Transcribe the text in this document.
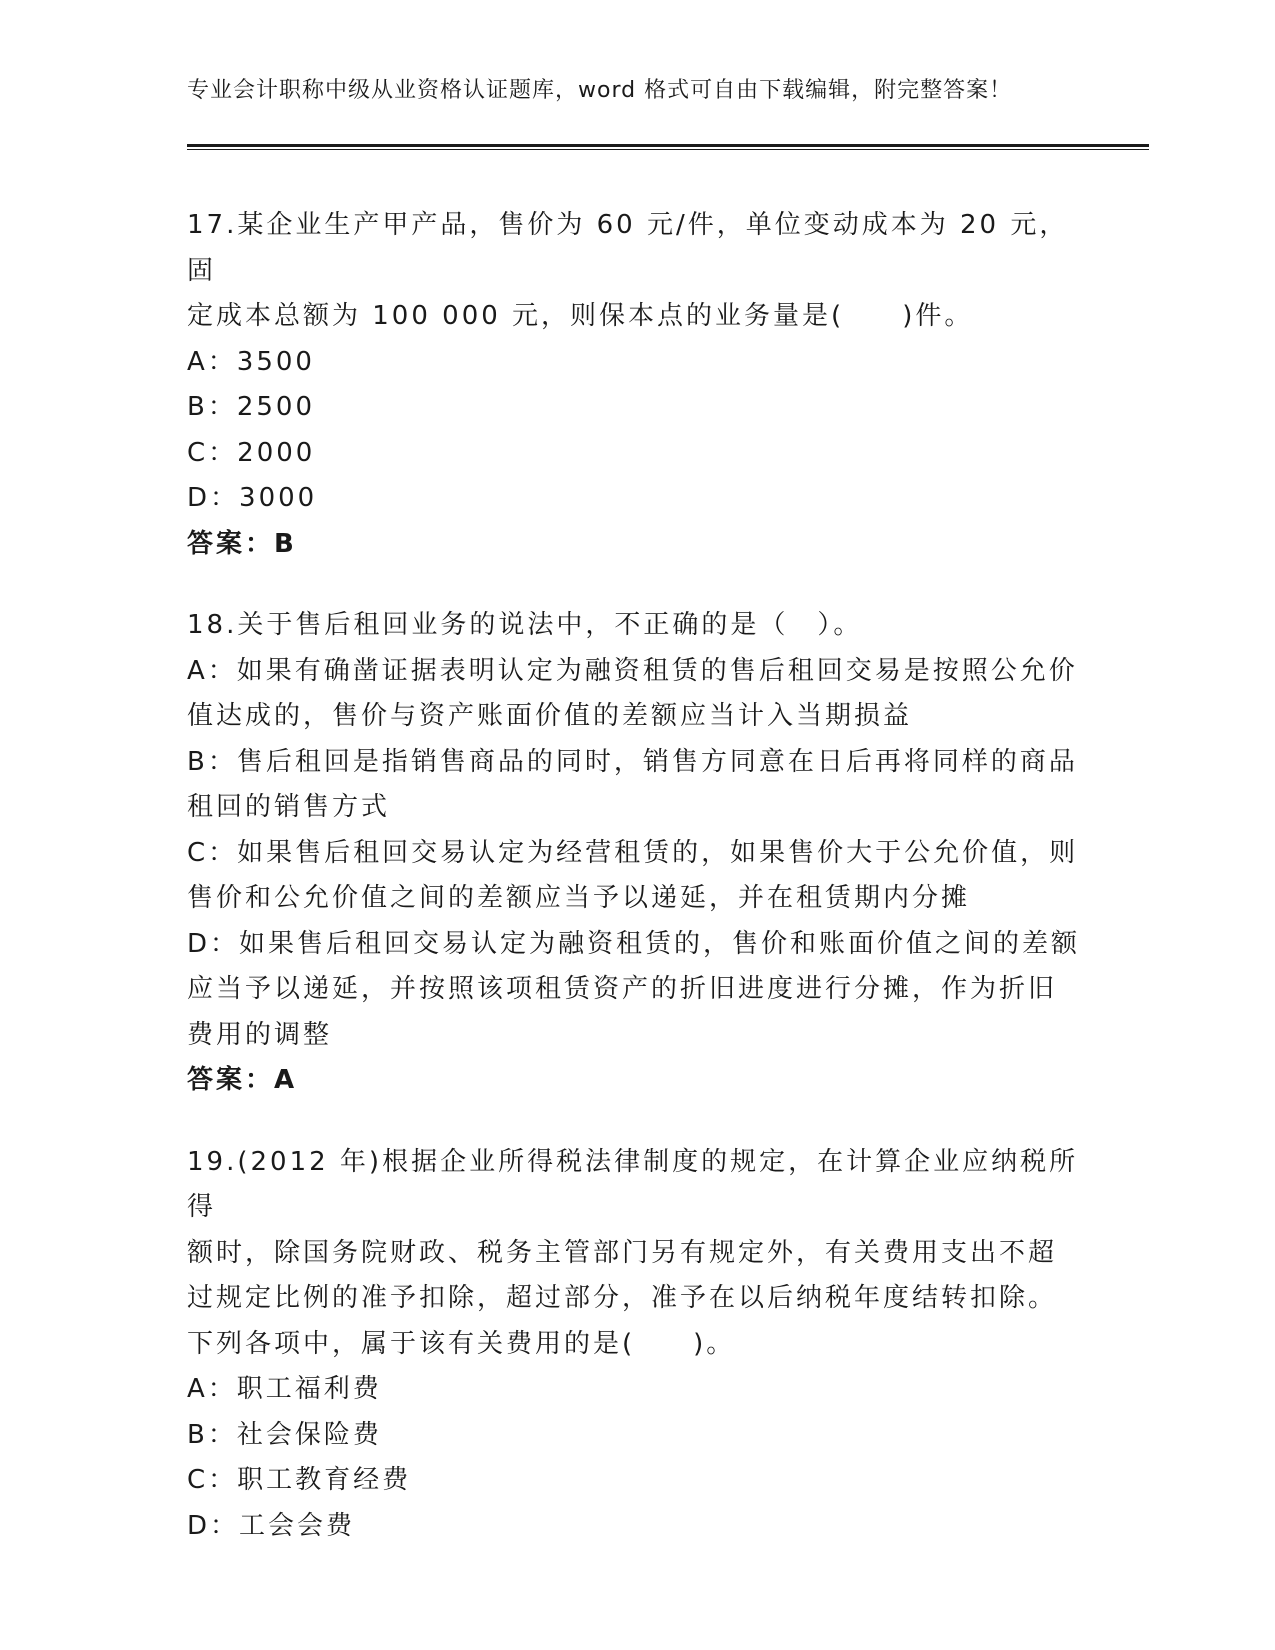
专业会计职称中级从业资格认证题库，word 格式可自由下载编辑，附完整答案！

17.某企业生产甲产品，售价为 60 元/件，单位变动成本为 20 元，固

定成本总额为 100 000 元，则保本点的业务量是(　　)件。

A：3500

B：2500

C：2000

D：3000

答案：B

18.关于售后租回业务的说法中，不正确的是（　）。

A：如果有确凿证据表明认定为融资租赁的售后租回交易是按照公允价

值达成的，售价与资产账面价值的差额应当计入当期损益

B：售后租回是指销售商品的同时，销售方同意在日后再将同样的商品

租回的销售方式

C：如果售后租回交易认定为经营租赁的，如果售价大于公允价值，则

售价和公允价值之间的差额应当予以递延，并在租赁期内分摊

D：如果售后租回交易认定为融资租赁的，售价和账面价值之间的差额

应当予以递延，并按照该项租赁资产的折旧进度进行分摊，作为折旧

费用的调整

答案：A

19.(2012 年)根据企业所得税法律制度的规定，在计算企业应纳税所得

额时，除国务院财政、税务主管部门另有规定外，有关费用支出不超

过规定比例的准予扣除，超过部分，准予在以后纳税年度结转扣除。

下列各项中，属于该有关费用的是(　　)。

A：职工福利费

B：社会保险费

C：职工教育经费

D：工会会费
